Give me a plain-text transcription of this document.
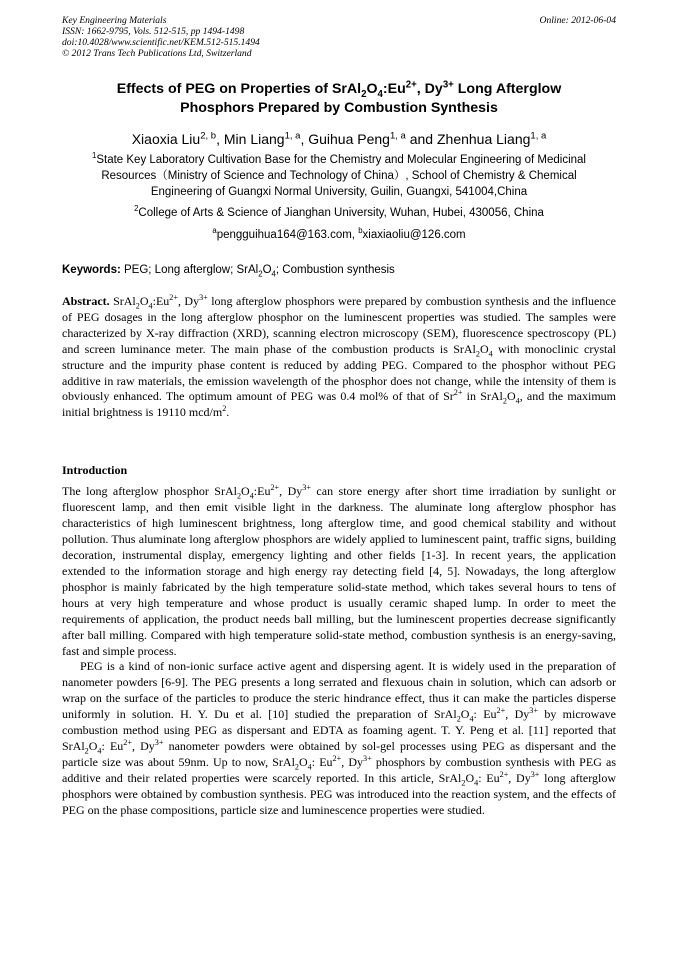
Key Engineering Materials
ISSN: 1662-9795, Vols. 512-515, pp 1494-1498
doi:10.4028/www.scientific.net/KEM.512-515.1494
© 2012 Trans Tech Publications Ltd, Switzerland
Online: 2012-06-04
Effects of PEG on Properties of $SrAl_2O_4:Eu^{2+}$, $Dy^{3+}$ Long Afterglow
Phosphors Prepared by Combustion Synthesis
Xiaoxia Liu$^{2, b}$, Min Liang$^{1, a}$, Guihua Peng$^{1, a}$ and Zhenhua Liang$^{1, a}$
$^1$State Key Laboratory Cultivation Base for the Chemistry and Molecular Engineering of Medicinal
Resources（Ministry of Science and Technology of China）, School of Chemistry & Chemical
Engineering of Guangxi Normal University, Guilin, Guangxi, 541004,China
$^2$College of Arts & Science of Jianghan University, Wuhan, Hubei, 430056, China
$^a$pengguihua164@163.com, $^b$xiaxiaoliu@126.com
Keywords: PEG; Long afterglow; $SrAl_2O_4$; Combustion synthesis
Abstract. $SrAl_2O_4:Eu^{2+}$, $Dy^{3+}$ long afterglow phosphors were prepared by combustion synthesis and the influence of PEG dosages in the long afterglow phosphor on the luminescent properties was studied. The samples were characterized by X-ray diffraction (XRD), scanning electron microscopy (SEM), fluorescence spectroscopy (PL) and screen luminance meter. The main phase of the combustion products is $SrAl_2O_4$ with monoclinic crystal structure and the impurity phase content is reduced by adding PEG. Compared to the phosphor without PEG additive in raw materials, the emission wavelength of the phosphor does not change, while the intensity of them is obviously enhanced. The optimum amount of PEG was 0.4 mol% of that of $Sr^{2+}$ in $SrAl_2O_4$, and the maximum initial brightness is 19110 mcd/$m^2$.
Introduction

The long afterglow phosphor $SrAl_2O_4:Eu^{2+}$, $Dy^{3+}$ can store energy after short time irradiation by sunlight or fluorescent lamp, and then emit visible light in the darkness. The aluminate long afterglow phosphor has characteristics of high luminescent brightness, long afterglow time, and good chemical stability and without pollution. Thus aluminate long afterglow phosphors are widely applied to luminescent paint, traffic signs, building decoration, instrumental display, emergency lighting and other fields [1-3]. In recent years, the application extended to the information storage and high energy ray detecting field [4, 5]. Nowadays, the long afterglow phosphor is mainly fabricated by the high temperature solid-state method, which takes several hours to tens of hours at very high temperature and whose product is usually ceramic shaped lump. In order to meet the requirements of application, the product needs ball milling, but the luminescent properties decrease significantly after ball milling. Compared with high temperature solid-state method, combustion synthesis is an energy-saving, fast and simple process.

PEG is a kind of non-ionic surface active agent and dispersing agent. It is widely used in the preparation of nanometer powders [6-9]. The PEG presents a long serrated and flexuous chain in solution, which can adsorb or wrap on the surface of the particles to produce the steric hindrance effect, thus it can make the particles disperse uniformly in solution. H. Y. Du et al. [10] studied the preparation of $SrAl_2O_4$: $Eu^{2+}$, $Dy^{3+}$ by microwave combustion method using PEG as dispersant and EDTA as foaming agent. T. Y. Peng et al. [11] reported that $SrAl_2O_4$: $Eu^{2+}$, $Dy^{3+}$ nanometer powders were obtained by sol-gel processes using PEG as dispersant and the particle size was about 59nm. Up to now, $SrAl_2O_4$: $Eu^{2+}$, $Dy^{3+}$ phosphors by combustion synthesis with PEG as additive and their related properties were scarcely reported. In this article, $SrAl_2O_4$: $Eu^{2+}$, $Dy^{3+}$ long afterglow phosphors were obtained by combustion synthesis. PEG was introduced into the reaction system, and the effects of PEG on the phase compositions, particle size and luminescence properties were studied.
